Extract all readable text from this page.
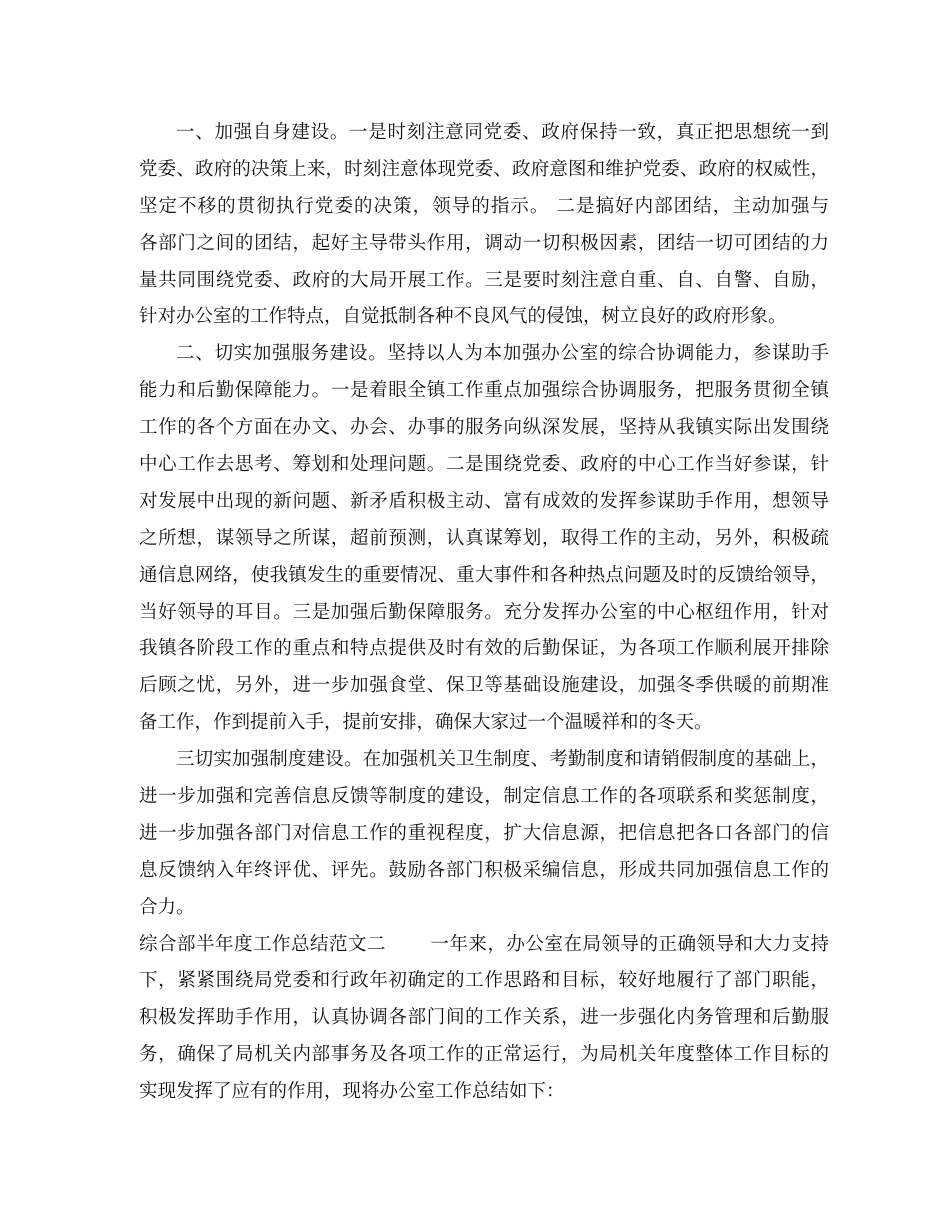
一、加强自身建设。一是时刻注意同党委、政府保持一致，真正把思想统一到
党委、政府的决策上来，时刻注意体现党委、政府意图和维护党委、政府的权威性，
坚定不移的贯彻执行党委的决策，领导的指示。 二是搞好内部团结，主动加强与
各部门之间的团结，起好主导带头作用，调动一切积极因素，团结一切可团结的力
量共同围绕党委、政府的大局开展工作。三是要时刻注意自重、自、自警、自励，
针对办公室的工作特点，自觉抵制各种不良风气的侵蚀，树立良好的政府形象。
二、切实加强服务建设。坚持以人为本加强办公室的综合协调能力，参谋助手
能力和后勤保障能力。一是着眼全镇工作重点加强综合协调服务，把服务贯彻全镇
工作的各个方面在办文、办会、办事的服务向纵深发展，坚持从我镇实际出发围绕
中心工作去思考、筹划和处理问题。二是围绕党委、政府的中心工作当好参谋，针
对发展中出现的新问题、新矛盾积极主动、富有成效的发挥参谋助手作用，想领导
之所想，谋领导之所谋，超前预测，认真谋筹划，取得工作的主动，另外，积极疏
通信息网络，使我镇发生的重要情况、重大事件和各种热点问题及时的反馈给领导，
当好领导的耳目。三是加强后勤保障服务。充分发挥办公室的中心枢纽作用，针对
我镇各阶段工作的重点和特点提供及时有效的后勤保证，为各项工作顺利展开排除
后顾之忧，另外，进一步加强食堂、保卫等基础设施建设，加强冬季供暖的前期准
备工作，作到提前入手，提前安排，确保大家过一个温暖祥和的冬天。
三切实加强制度建设。在加强机关卫生制度、考勤制度和请销假制度的基础上，
进一步加强和完善信息反馈等制度的建设，制定信息工作的各项联系和奖惩制度，
进一步加强各部门对信息工作的重视程度，扩大信息源，把信息把各口各部门的信
息反馈纳入年终评优、评先。鼓励各部门积极采编信息，形成共同加强信息工作的
合力。
综合部半年度工作总结范文二 　　一年来，办公室在局领导的正确领导和大力支持
下，紧紧围绕局党委和行政年初确定的工作思路和目标，较好地履行了部门职能，
积极发挥助手作用，认真协调各部门间的工作关系，进一步强化内务管理和后勤服
务，确保了局机关内部事务及各项工作的正常运行，为局机关年度整体工作目标的
实现发挥了应有的作用，现将办公室工作总结如下：
